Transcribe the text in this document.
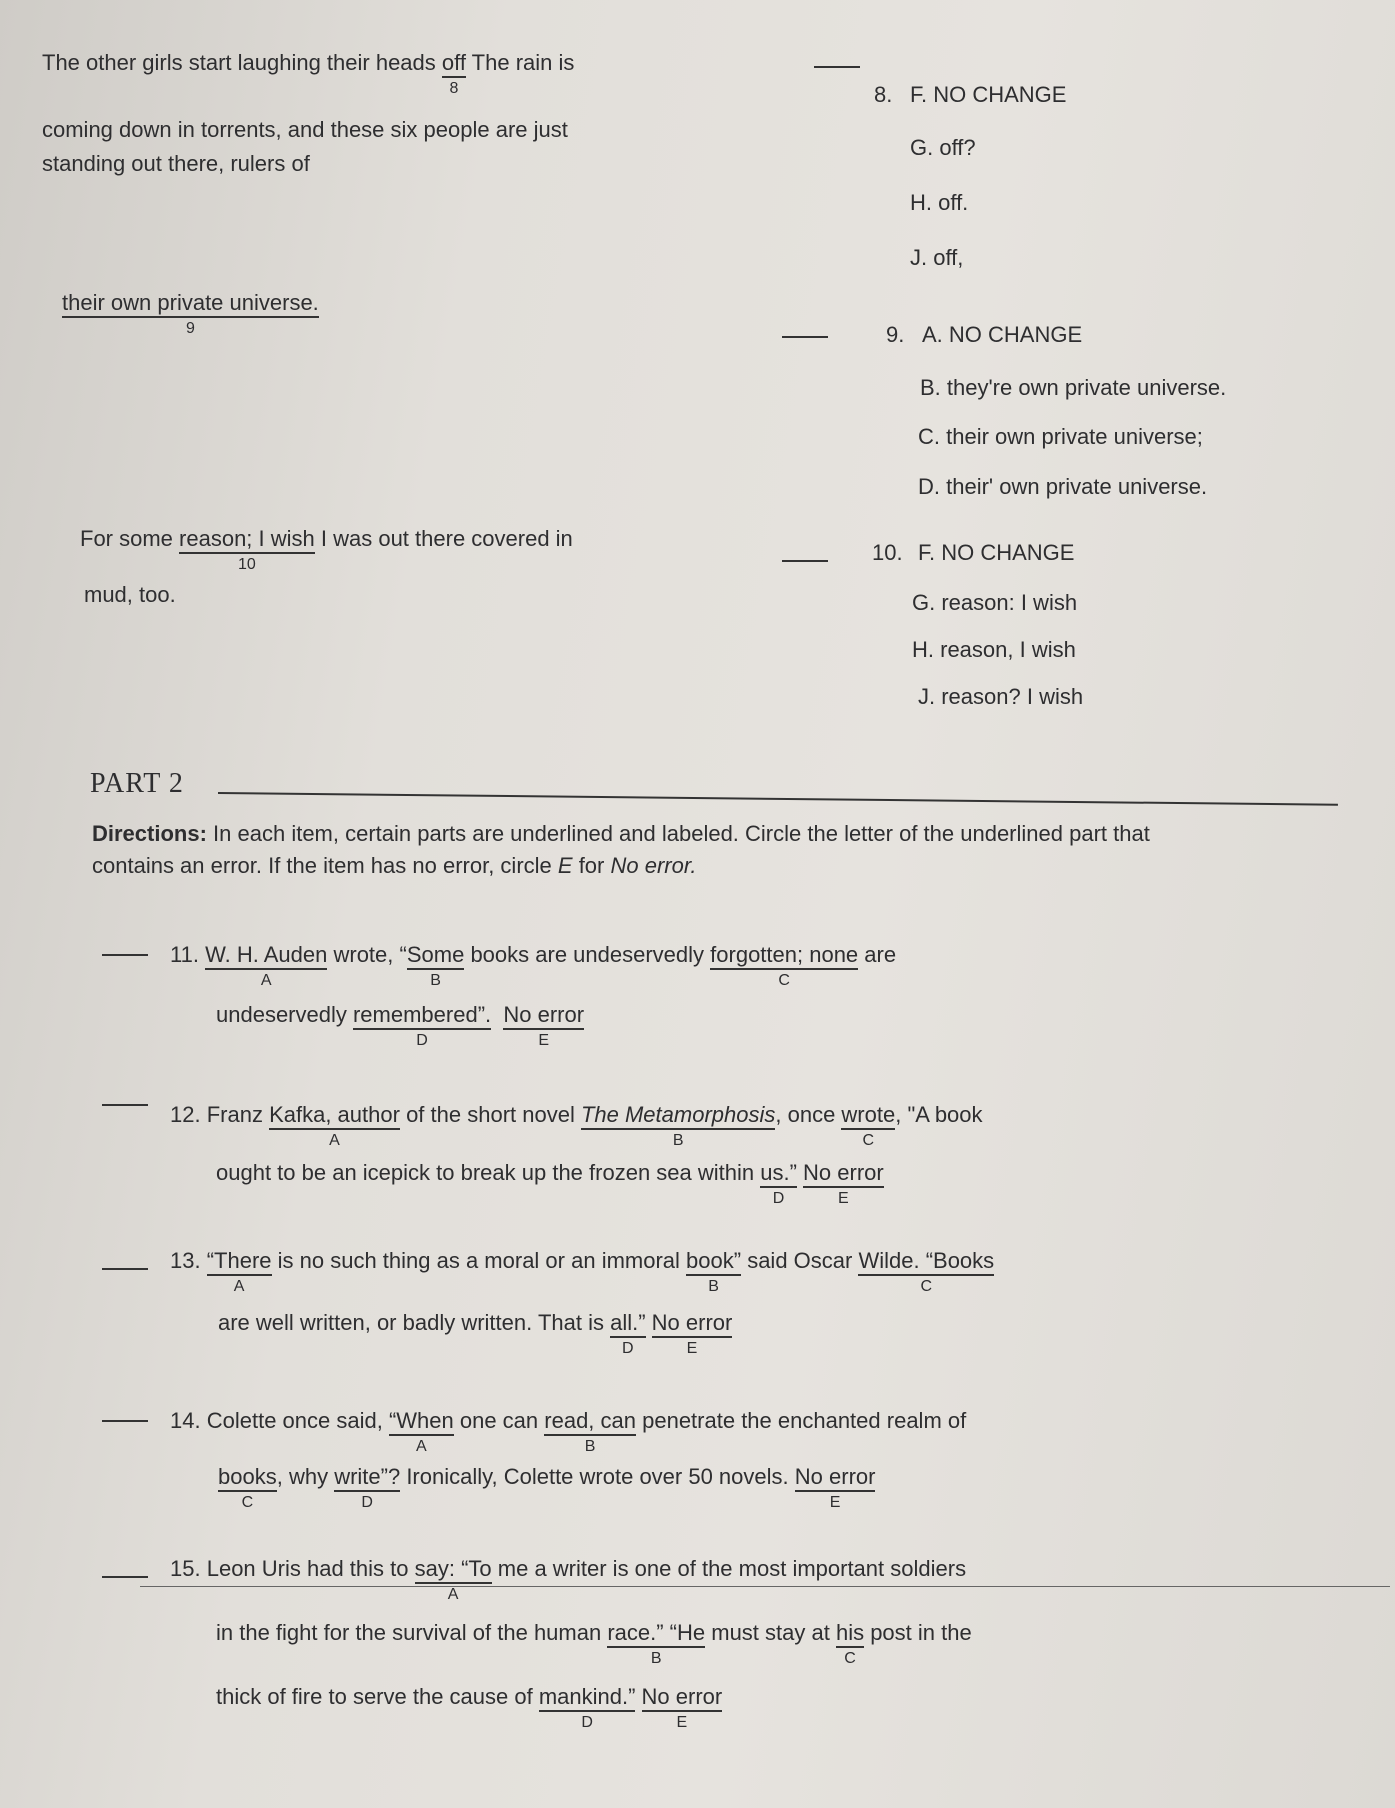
The other girls start laughing their heads off
8
The rain is
coming down in torrents, and these six people are just
standing out there, rulers of
8. F. NO CHANGE
G. off?
H. off.
J. off,
their own private universe.
9	9. A. NO CHANGE
B. they're own private universe.
C. their own private universe;
D. their' own private universe.
For some reason; I wish
10
I was out there covered in
mud, too.
10. F. NO CHANGE
G. reason: I wish
H. reason, I wish
J. reason? I wish
PART 2
Directions: In each item, certain parts are underlined and labeled. Circle the letter of the underlined part that contains an error. If the item has no error, circle E for No error.
11. W. H. Auden
A
wrote, “ Some
B
books are undeservedly forgotten; none
C
are
undeservedly remembered”.
D

No error
E
12. Franz Kafka, author
A
of the short novel The Metamorphosis
B
, once wrote
C
, "A book
ought to be an icepick to break up the frozen sea within us.”
D

No error
E
13. “There
A
is no such thing as a moral or an immoral book”
B
said Oscar Wilde. “Books
C
are well written, or badly written. That is all.”
D

No error
E
14. Colette once said, “When
A
one can read, can
B
penetrate the enchanted realm of
books
C
, why write”?
D
Ironically, Colette wrote over 50 novels. No error
E
15. Leon Uris had this to say: “To
A
me a writer is one of the most important soldiers
in the fight for the survival of the human race.” “He
B
must stay at his
C
post in the
thick of fire to serve the cause of mankind.”
D

No error
E
